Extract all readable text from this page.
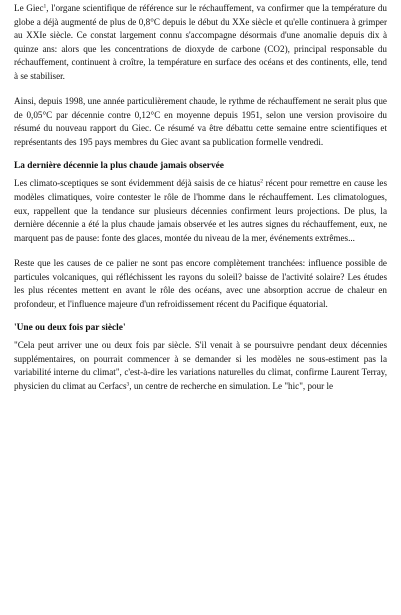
Le Giec$^1$, l'organe scientifique de référence sur le réchauffement, va confirmer que la température du globe a déjà augmenté de plus de 0,8°C depuis le début du XXe siècle et qu'elle continuera à grimper au XXIe siècle. Ce constat largement connu s'accompagne désormais d'une anomalie depuis dix à quinze ans: alors que les concentrations de dioxyde de carbone (CO2), principal responsable du réchauffement, continuent à croître, la température en surface des océans et des continents, elle, tend à se stabiliser.

Ainsi, depuis 1998, une année particulièrement chaude, le rythme de réchauffement ne serait plus que de 0,05°C par décennie contre 0,12°C en moyenne depuis 1951, selon une version provisoire du résumé du nouveau rapport du Giec. Ce résumé va être débattu cette semaine entre scientifiques et représentants des 195 pays membres du Giec avant sa publication formelle vendredi.

La dernière décennie la plus chaude jamais observée

Les climato-sceptiques se sont évidemment déjà saisis de ce hiatus$^2$ récent pour remettre en cause les modèles climatiques, voire contester le rôle de l'homme dans le réchauffement. Les climatologues, eux, rappellent que la tendance sur plusieurs décennies confirment leurs projections. De plus, la dernière décennie a été la plus chaude jamais observée et les autres signes du réchauffement, eux, ne marquent pas de pause: fonte des glaces, montée du niveau de la mer, événements extrêmes...

Reste que les causes de ce palier ne sont pas encore complètement tranchées: influence possible de particules volcaniques, qui réfléchissent les rayons du soleil? baisse de l'activité solaire? Les études les plus récentes mettent en avant le rôle des océans, avec une absorption accrue de chaleur en profondeur, et l'influence majeure d'un refroidissement récent du Pacifique équatorial.

'Une ou deux fois par siècle'

"Cela peut arriver une ou deux fois par siècle. S'il venait à se poursuivre pendant deux décennies supplémentaires, on pourrait commencer à se demander si les modèles ne sous-estiment pas la variabilité interne du climat", c'est-à-dire les variations naturelles du climat, confirme Laurent Terray, physicien du climat au Cerfacs$^3$, un centre de recherche en simulation. Le "hic", pour le
